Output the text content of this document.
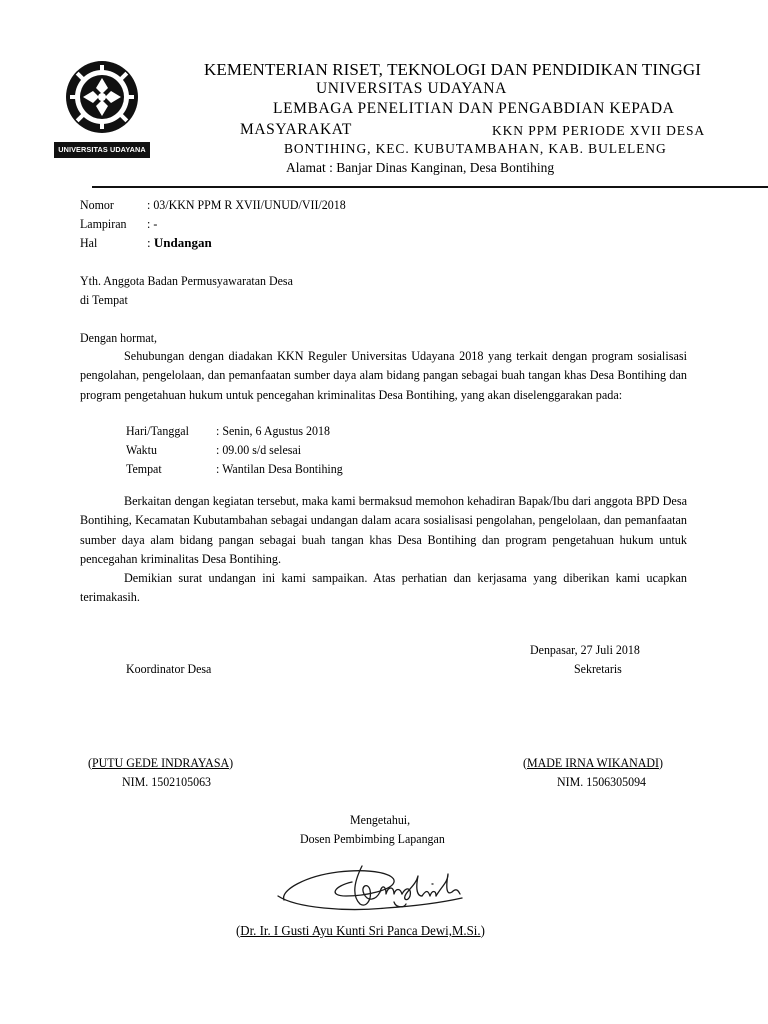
UNIVERSITAS UDAYANA
KEMENTERIAN RISET, TEKNOLOGI DAN PENDIDIKAN TINGGI
UNIVERSITAS UDAYANA
LEMBAGA PENELITIAN DAN PENGABDIAN KEPADA
MASYARAKAT	KKN PPM PERIODE XVII DESA
BONTIHING, KEC. KUBUTAMBAHAN, KAB. BULELENG
Alamat : Banjar Dinas Kanginan, Desa Bontihing
Nomor	: 03/KKN PPM R XVII/UNUD/VII/2018
Lampiran : -
Hal	: Undangan
Yth. Anggota Badan Permusyawaratan Desa
di Tempat
Dengan hormat,
Sehubungan dengan diadakan KKN Reguler Universitas Udayana 2018 yang terkait dengan program sosialisasi pengolahan, pengelolaan, dan pemanfaatan sumber daya alam bidang pangan sebagai buah tangan khas Desa Bontihing dan program pengetahuan hukum untuk pencegahan kriminalitas Desa Bontihing, yang akan diselenggarakan pada:
Hari/Tanggal : Senin, 6 Agustus 2018
Waktu	: 09.00 s/d selesai
Tempat	: Wantilan Desa Bontihing
Berkaitan dengan kegiatan tersebut, maka kami bermaksud memohon kehadiran Bapak/Ibu dari anggota BPD Desa Bontihing, Kecamatan Kubutambahan sebagai undangan dalam acara sosialisasi pengolahan, pengelolaan, dan pemanfaatan sumber daya alam bidang pangan sebagai buah tangan khas Desa Bontihing dan program pengetahuan hukum untuk pencegahan kriminalitas Desa Bontihing.
Demikian surat undangan ini kami sampaikan. Atas perhatian dan kerjasama yang diberikan kami ucapkan terimakasih.
Denpasar, 27 Juli 2018
Koordinator Desa	Sekretaris
(PUTU GEDE INDRAYASA)
NIM. 1502105063
(MADE IRNA WIKANADI)
NIM. 1506305094
Mengetahui,
Dosen Pembimbing Lapangan
(Dr. Ir. I Gusti Ayu Kunti Sri Panca Dewi,M.Si.)
